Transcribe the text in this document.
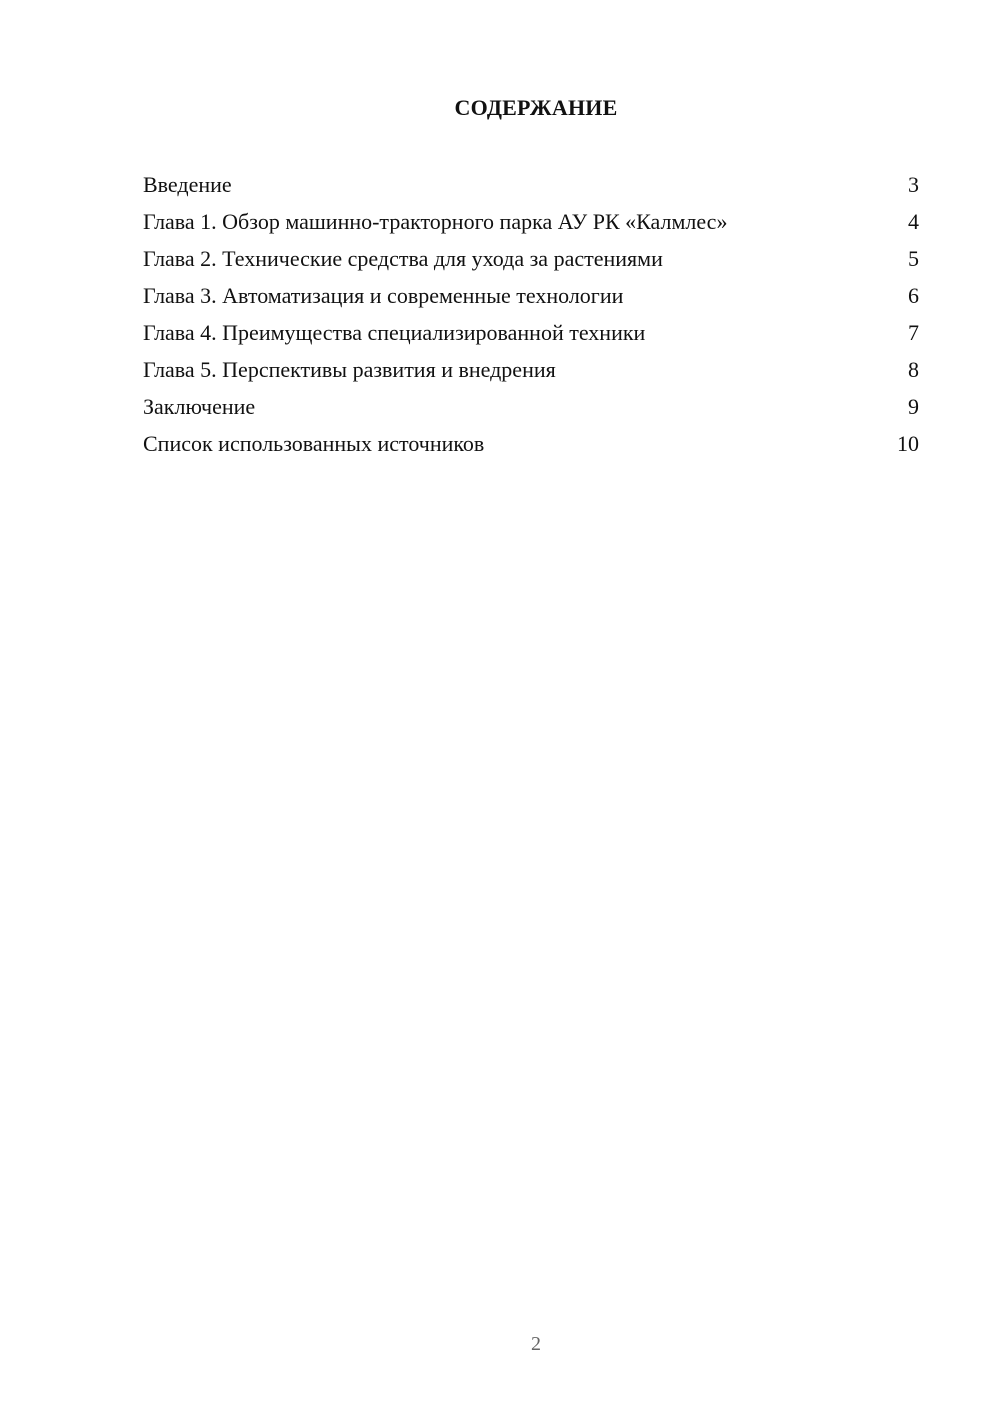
СОДЕРЖАНИЕ
Введение	3
Глава 1. Обзор машинно-тракторного парка АУ РК «Калмлес»	4
Глава 2. Технические средства для ухода за растениями	5
Глава 3. Автоматизация и современные технологии	6
Глава 4. Преимущества специализированной техники	7
Глава 5. Перспективы развития и внедрения	8
Заключение	9
Список использованных источников	10
2
